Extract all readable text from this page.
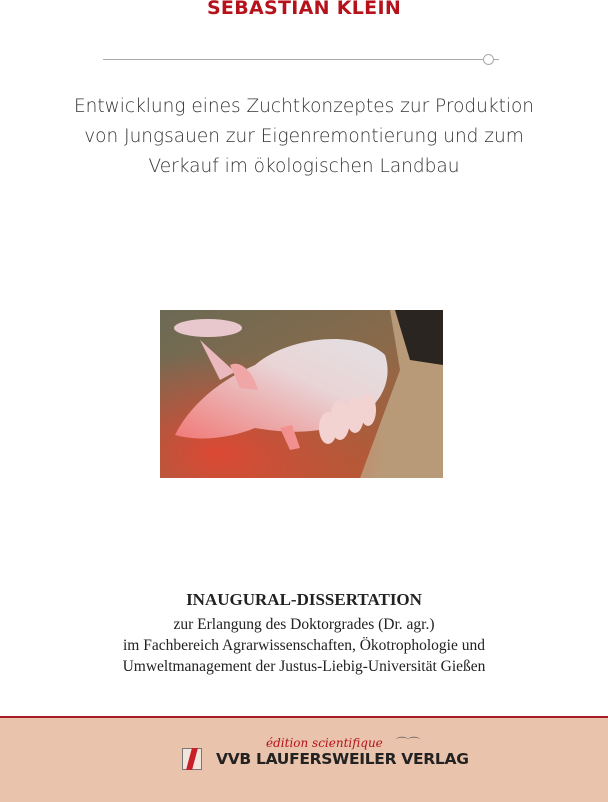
SEBASTIAN KLEIN
Entwicklung eines Zuchtkonzeptes zur Produktion
von Jungsauen zur Eigenremontierung und zum
Verkauf im ökologischen Landbau
INAUGURAL-DISSERTATION
zur Erlangung des Doktorgrades (Dr. agr.)
im Fachbereich Agrarwissenschaften, Ökotrophologie und
Umweltmanagement der Justus-Liebig-Universität Gießen
édition scientifique ⌒⌒
VVB LAUFERSWEILER VERLAG
